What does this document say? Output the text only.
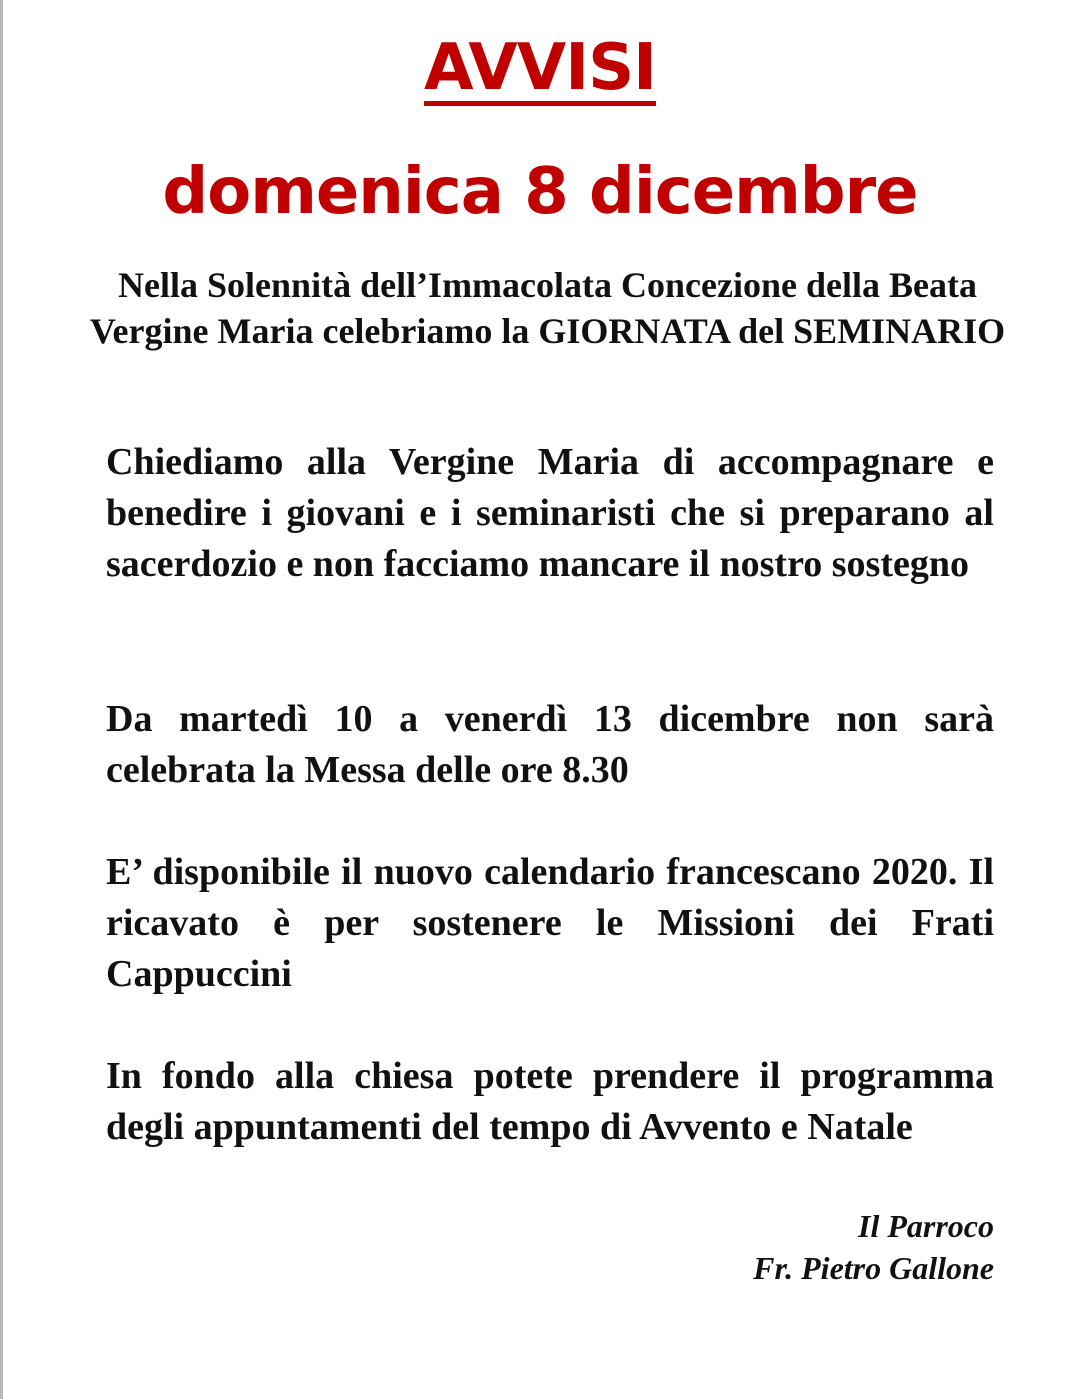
AVVISI
domenica 8 dicembre

Nella Solennità dell’Immacolata Concezione della Beata Vergine Maria celebriamo la GIORNATA del SEMINARIO

Chiediamo alla Vergine Maria di accompagnare e benedire i giovani e i seminaristi che si preparano al sacerdozio e non facciamo mancare il nostro sostegno

Da martedì 10 a venerdì 13 dicembre non sarà celebrata la Messa delle ore 8.30

E’ disponibile il nuovo calendario francescano 2020. Il ricavato è per sostenere le Missioni dei Frati Cappuccini

In fondo alla chiesa potete prendere il programma degli appuntamenti del tempo di Avvento e Natale

Il Parroco
Fr. Pietro Gallone
